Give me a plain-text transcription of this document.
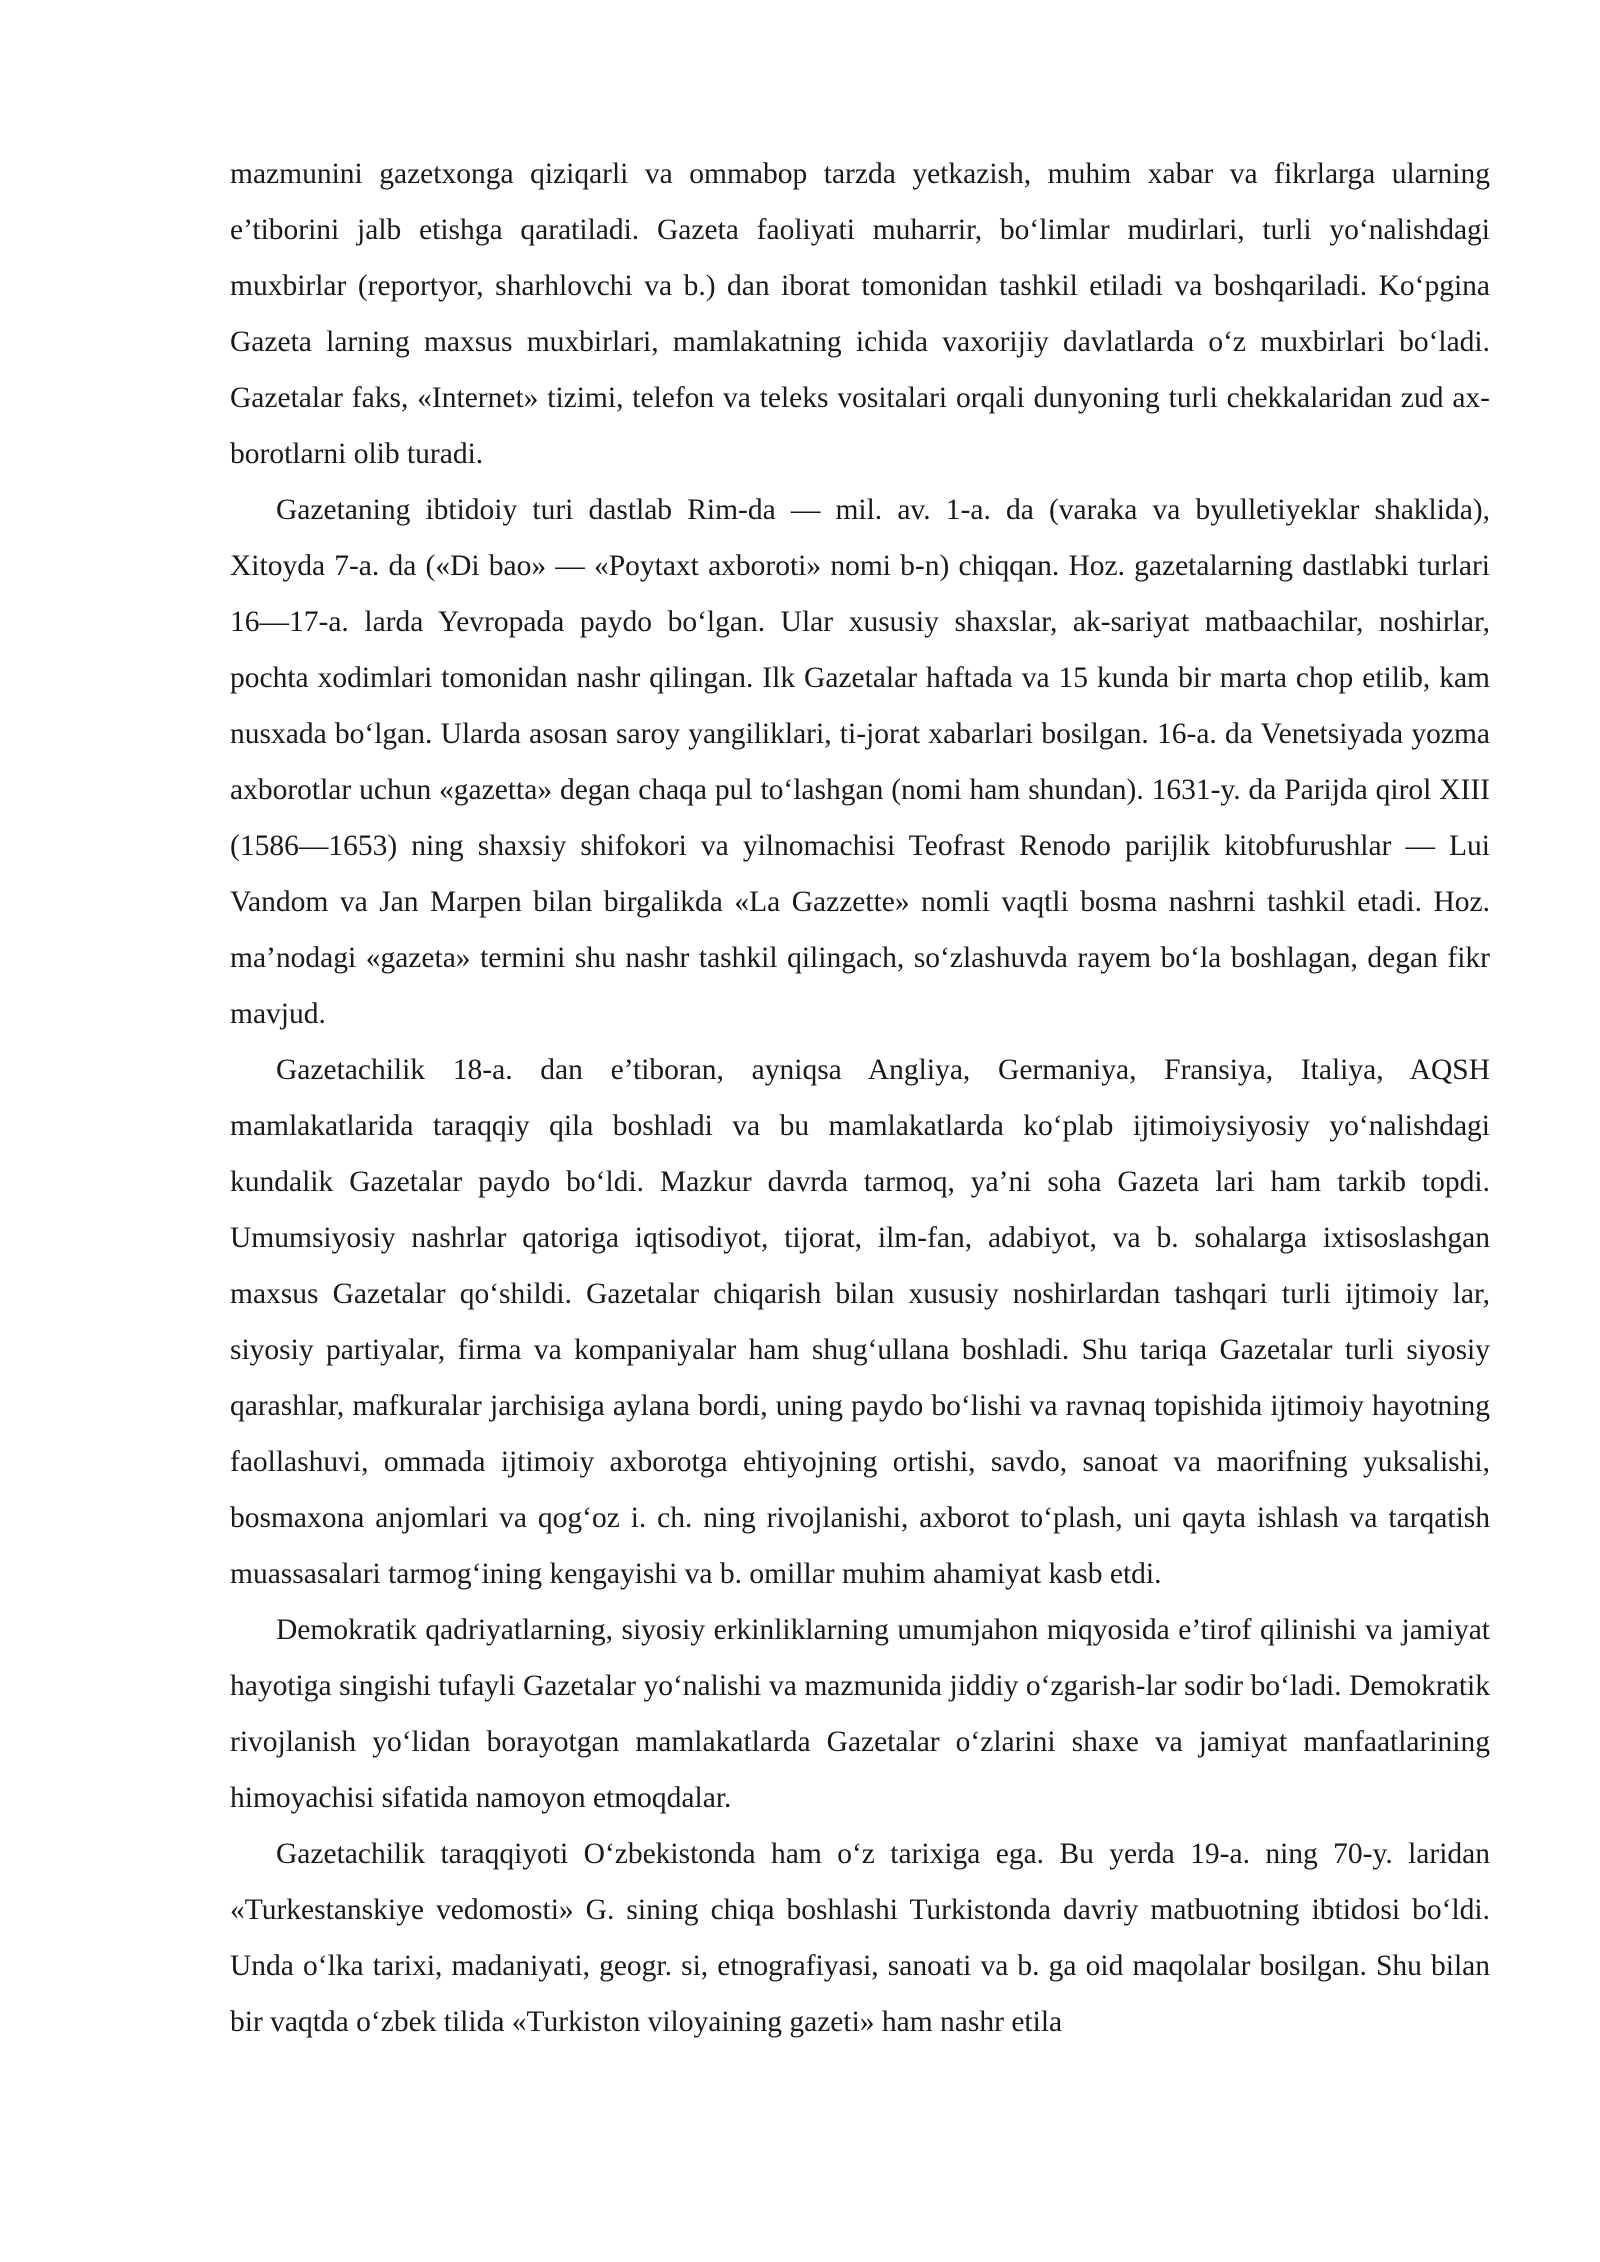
mazmunini gazetxonga qiziqarli va ommabop tarzda yetkazish, muhim xabar va fikrlarga ularning e’tiborini jalb etishga qaratiladi. Gazeta faoliyati muharrir, bo‘limlar mudirlari, turli yo‘nalishdagi muxbirlar (reportyor, sharhlovchi va b.) dan iborat tomonidan tashkil etiladi va boshqariladi. Ko‘pgina Gazeta larning maxsus muxbirlari, mamlakatning ichida vaxorijiy davlatlarda o‘z muxbirlari bo‘ladi. Gazetalar faks, «Internet» tizimi, telefon va teleks vositalari orqali dunyoning turli chekkalaridan zud ax-borotlarni olib turadi.

Gazetaning ibtidoiy turi dastlab Rim-da — mil. av. 1-a. da (varaka va byulletiyeklar shaklida), Xitoyda 7-a. da («Di bao» — «Poytaxt axboroti» nomi b-n) chiqqan. Hoz. gazetalarning dastlabki turlari 16—17-a. larda Yevropada paydo bo‘lgan. Ular xususiy shaxslar, ak-sariyat matbaachilar, noshirlar, pochta xodimlari tomonidan nashr qilingan. Ilk Gazetalar haftada va 15 kunda bir marta chop etilib, kam nusxada bo‘lgan. Ularda asosan saroy yangiliklari, ti-jorat xabarlari bosilgan. 16-a. da Venetsiyada yozma axborotlar uchun «gazetta» degan chaqa pul to‘lashgan (nomi ham shundan). 1631-y. da Parijda qirol XIII (1586—1653) ning shaxsiy shifokori va yilnomachisi Teofrast Renodo parijlik kitobfurushlar — Lui Vandom va Jan Marpen bilan birgalikda «La Gazzette» nomli vaqtli bosma nashrni tashkil etadi. Hoz. ma’nodagi «gazeta» termini shu nashr tashkil qilingach, so‘zlashuvda rayem bo‘la boshlagan, degan fikr mavjud.

Gazetachilik 18-a. dan e’tiboran, ayniqsa Angliya, Germaniya, Fransiya, Italiya, AQSH mamlakatlarida taraqqiy qila boshladi va bu mamlakatlarda ko‘plab ijtimoiysiyosiy yo‘nalishdagi kundalik Gazetalar paydo bo‘ldi. Mazkur davrda tarmoq, ya’ni soha Gazeta lari ham tarkib topdi. Umumsiyosiy nashrlar qatoriga iqtisodiyot, tijorat, ilm-fan, adabiyot, va b. sohalarga ixtisoslashgan maxsus Gazetalar qo‘shildi. Gazetalar chiqarish bilan xususiy noshirlardan tashqari turli ijtimoiy lar, siyosiy partiyalar, firma va kompaniyalar ham shug‘ullana boshladi. Shu tariqa Gazetalar turli siyosiy qarashlar, mafkuralar jarchisiga aylana bordi, uning paydo bo‘lishi va ravnaq topishida ijtimoiy hayotning faollashuvi, ommada ijtimoiy axborotga ehtiyojning ortishi, savdo, sanoat va maorifning yuksalishi, bosmaxona anjomlari va qog‘oz i. ch. ning rivojlanishi, axborot to‘plash, uni qayta ishlash va tarqatish muassasalari tarmog‘ining kengayishi va b. omillar muhim ahamiyat kasb etdi.

Demokratik qadriyatlarning, siyosiy erkinliklarning umumjahon miqyosida e’tirof qilinishi va jamiyat hayotiga singishi tufayli Gazetalar yo‘nalishi va mazmunida jiddiy o‘zgarish-lar sodir bo‘ladi. Demokratik rivojlanish yo‘lidan borayotgan mamlakatlarda Gazetalar o‘zlarini shaxe va jamiyat manfaatlarining himoyachisi sifatida namoyon etmoqdalar.

Gazetachilik taraqqiyoti O‘zbekistonda ham o‘z tarixiga ega. Bu yerda 19-a. ning 70-y. laridan «Turkestanskiye vedomosti» G. sining chiqa boshlashi Turkistonda davriy matbuotning ibtidosi bo‘ldi. Unda o‘lka tarixi, madaniyati, geogr. si, etnografiyasi, sanoati va b. ga oid maqolalar bosilgan. Shu bilan bir vaqtda o‘zbek tilida «Turkiston viloyaining gazeti» ham nashr etila
